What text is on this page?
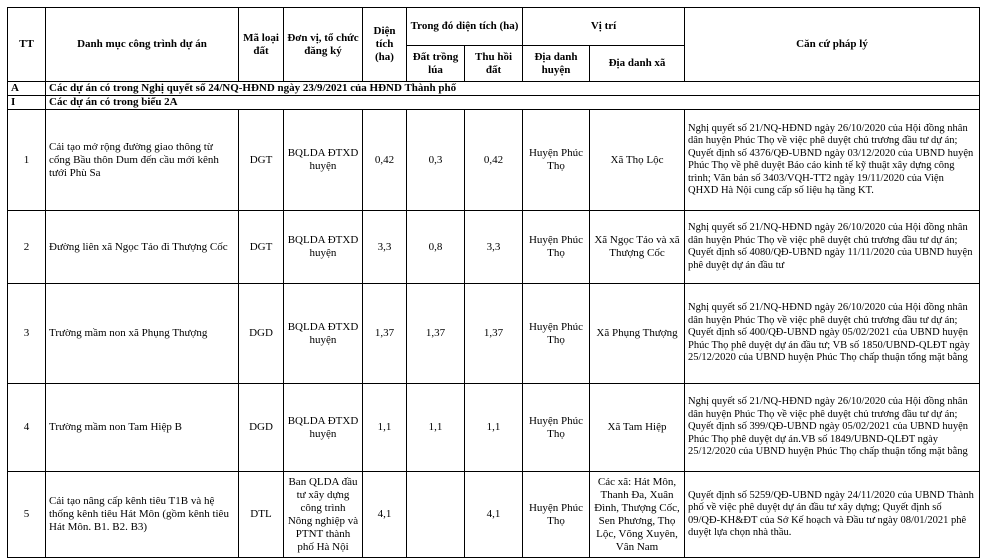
TT	Danh mục công trình dự án	Mã loại đất	Đơn vị, tổ chức đăng ký	Diện tích (ha)	Trong đó diện tích (ha)		Vị trí		Căn cứ pháp lý
					Đất trồng lúa	Thu hồi đất	Địa danh huyện	Địa danh xã	
A	Các dự án có trong Nghị quyết số 24/NQ-HĐND ngày 23/9/2021 của HĐND Thành phố								
I	Các dự án có trong biểu 2A								
1	Cải tạo mở rộng đường giao thông từ cổng Bầu thôn Dum đến cầu mới kênh tưới Phù Sa	DGT	BQLDA ĐTXD huyện	0,42	0,3	0,42	Huyện Phúc Thọ	Xã Thọ Lộc	Nghị quyết số 21/NQ-HĐND ngày 26/10/2020 của Hội đồng nhân dân huyện Phúc Thọ về việc phê duyệt chủ trương đầu tư dự án; Quyết định số 4376/QĐ-UBND ngày 03/12/2020 của UBND huyện Phúc Thọ về phê duyệt Báo cáo kinh tế kỹ thuật xây dựng công trình; Văn bản số 3403/VQH-TT2 ngày 19/11/2020 của Viện QHXD Hà Nội cung cấp số liệu hạ tầng KT.
2	Đường liên xã Ngọc Tảo đi Thượng Cốc	DGT	BQLDA ĐTXD huyện	3,3	0,8	3,3	Huyện Phúc Thọ	Xã Ngọc Tảo và xã Thượng Cốc	Nghị quyết số 21/NQ-HĐND ngày 26/10/2020 của Hội đồng nhân dân huyện Phúc Thọ về việc phê duyệt chủ trương đầu tư dự án; Quyết định số 4080/QĐ-UBND ngày 11/11/2020 của UBND huyện phê duyệt dự án đầu tư
3	Trường mầm non xã Phụng Thượng	DGD	BQLDA ĐTXD huyện	1,37	1,37	1,37	Huyện Phúc Thọ	Xã Phụng Thượng	Nghị quyết số 21/NQ-HĐND ngày 26/10/2020 của Hội đồng nhân dân huyện Phúc Thọ về việc phê duyệt chủ trương đầu tư dự án; Quyết định số 400/QĐ-UBND ngày 05/02/2021 của UBND huyện Phúc Thọ phê duyệt dự án đầu tư; VB số 1850/UBND-QLĐT ngày 25/12/2020 của UBND huyện Phúc Thọ chấp thuận tổng mặt bằng
4	Trường mầm non Tam Hiệp B	DGD	BQLDA ĐTXD huyện	1,1	1,1	1,1	Huyện Phúc Thọ	Xã Tam Hiệp	Nghị quyết số 21/NQ-HĐND ngày 26/10/2020 của Hội đồng nhân dân huyện Phúc Thọ về việc phê duyệt chủ trương đầu tư dự án; Quyết định số 399/QĐ-UBND ngày 05/02/2021 của UBND huyện Phúc Thọ phê duyệt dự án.VB số 1849/UBND-QLĐT ngày 25/12/2020 của UBND huyện Phúc Thọ chấp thuận tổng mặt bằng
5	Cải tạo nâng cấp kênh tiêu T1B và hệ thống kênh tiêu Hát Môn (gồm kênh tiêu Hát Môn. B1. B2. B3)	DTL	Ban QLDA đầu tư xây dựng công trình Nông nghiệp và PTNT thành phố Hà Nội	4,1		4,1	Huyện Phúc Thọ	Các xã: Hát Môn, Thanh Đa, Xuân Đình, Thượng Cốc, Sen Phương, Thọ Lộc, Võng Xuyên, Vân Nam	Quyết định số 5259/QĐ-UBND ngày 24/11/2020 của UBND Thành phố về việc phê duyệt dự án đầu tư xây dựng; Quyết định số 09/QĐ-KH&ĐT của Sở Kế hoạch và Đầu tư ngày 08/01/2021 phê duyệt lựa chọn nhà thầu.
